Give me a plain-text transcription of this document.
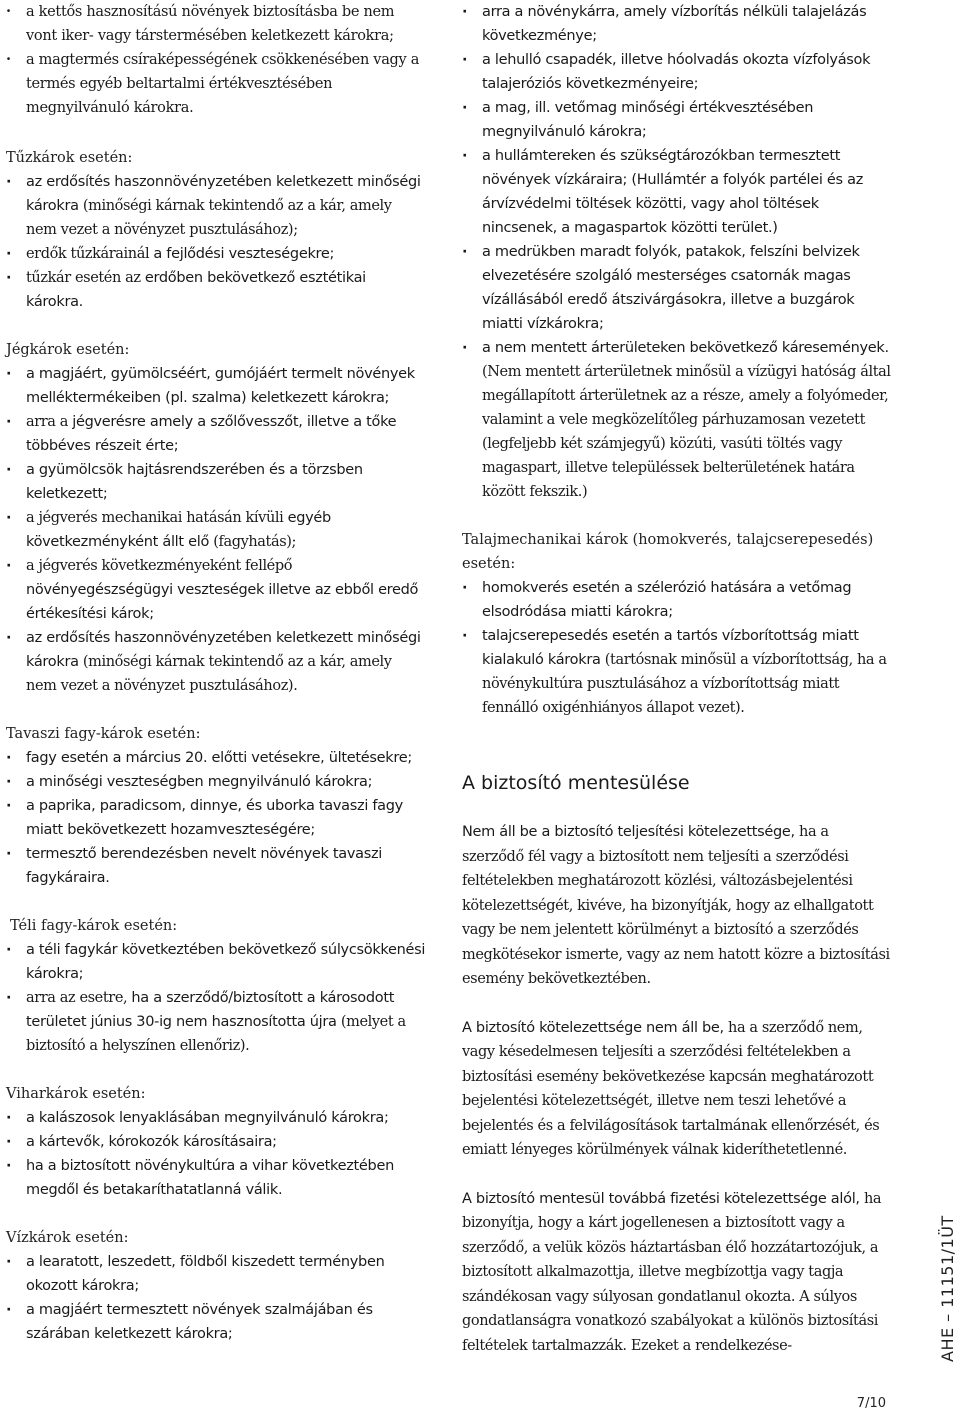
· a kettős hasznosítású növények biztosításba be nem vont iker- vagy társtermésében keletkezett károkra;
· a magtermés csíraképességének csökkenésében vagy a termés egyéb beltartalmi értékvesztésében megnyilvánuló károkra.

Tűzkárok esetén:

· az erdősítés haszonnövényzetében keletkezett minőségi károkra (minőségi kárnak tekintendő az a kár, amely nem vezet a növényzet pusztulásához);
· erdők tűzkárainál a fejlődési veszteségekre;
· tűzkár esetén az erdőben bekövetkező esztétikai károkra.

Jégkárok esetén:

· a magjáért, gyümölcséért, gumójáért termelt növények melléktermékeiben (pl. szalma) keletkezett károkra;
· arra a jégverésre amely a szőlővesszőt, illetve a tőke többéves részeit érte;
· a gyümölcsök hajtásrendszerében és a törzsben keletkezett;
· a jégverés mechanikai hatásán kívüli egyéb következményként állt elő (fagyhatás);
· a jégverés következményeként fellépő növényegészségügyi veszteségek illetve az ebből eredő értékesítési károk;
· az erdősítés haszonnövényzetében keletkezett minőségi károkra (minőségi kárnak tekintendő az a kár, amely nem vezet a növényzet pusztulásához).

Tavaszi fagy-károk esetén:

· fagy esetén a március 20. előtti vetésekre, ültetésekre;
· a minőségi veszteségben megnyilvánuló károkra;
· a paprika, paradicsom, dinnye, és uborka tavaszi fagy miatt bekövetkezett hozamveszteségére;
· termesztő berendezésben nevelt növények tavaszi fagykáraira.

Téli fagy-károk esetén:

· a téli fagykár következtében bekövetkező súlycsökkenési károkra;
· arra az esetre, ha a szerződő/biztosított a károsodott területet június 30-ig nem hasznosította újra (melyet a biztosító a helyszínen ellenőriz).

Viharkárok esetén:

· a kalászosok lenyaklásában megnyilvánuló károkra;
· a kártevők, kórokozók károsításaira;
· ha a biztosított növénykultúra a vihar következtében megdől és betakaríthatatlanná válik.

Vízkárok esetén:

· a learatott, leszedett, földből kiszedett terményben okozott károkra;
· a magjáért termesztett növények szalmájában és szárában keletkezett károkra;
· arra a növénykárra, amely vízborítás nélküli talajelázás következménye;
· a lehulló csapadék, illetve hóolvadás okozta vízfolyások talajeróziós következményeire;
· a mag, ill. vetőmag minőségi értékvesztésében megnyilvánuló károkra;
· a hullámtereken és szükségtározókban termesztett növények vízkáraira; (Hullámtér a folyók partélei és az árvízvédelmi töltések közötti, vagy ahol töltések nincsenek, a magaspartok közötti terület.)
· a medrükben maradt folyók, patakok, felszíni belvizek elvezetésére szolgáló mesterséges csatornák magas vízállásából eredő átszivárgásokra, illetve a buzgárok miatti vízkárokra;
· a nem mentett árterületeken bekövetkező káresemények. (Nem mentett árterületnek minősül a vízügyi hatóság által megállapított árterületnek az a része, amely a folyómeder, valamint a vele megközelítőleg párhuzamosan vezetett (legfeljebb két számjegyű) közúti, vasúti töltés vagy magaspart, illetve településsek belterületének határa között fekszik.)

Talajmechanikai károk (homokverés, talajcserepesedés) esetén:

· homokverés esetén a szélerózió hatására a vetőmag elsodródása miatti károkra;
· talajcserepesedés esetén a tartós vízborítottság miatt kialakuló károkra (tartósnak minősül a vízborítottság, ha a növénykultúra pusztulásához a vízborítottság miatt fennálló oxigénhiányos állapot vezet).
A biztosító mentesülése

Nem áll be a biztosító teljesítési kötelezettsége, ha a szerződő fél vagy a biztosított nem teljesíti a szerződési feltételekben meghatározott közlési, változásbejelentési kötelezettségét, kivéve, ha bizonyítják, hogy az elhallgatott vagy be nem jelentett körülményt a biztosító a szerződés megkötésekor ismerte, vagy az nem hatott közre a biztosítási esemény bekövetkeztében.

A biztosító kötelezettsége nem áll be, ha a szerződő nem, vagy késedelmesen teljesíti a szerződési feltételekben a biztosítási esemény bekövetkezése kapcsán meghatározott bejelentési kötelezettségét, illetve nem teszi lehetővé a bejelentés és a felvilágosítások tartalmának ellenőrzését, és emiatt lényeges körülmények válnak kideríthetetlenné.

A biztosító mentesül továbbá fizetési kötelezettsége alól, ha bizonyítja, hogy a kárt jogellenesen a biztosított vagy a szerződő, a velük közös háztartásban élő hozzátartozójuk, a biztosított alkalmazottja, illetve megbízottja vagy tagja szándékosan vagy súlyosan gondatlanul okozta. A súlyos gondatlanságra vonatkozó szabályokat a különös biztosítási feltételek tartalmazzák. Ezeket a rendelkezése-	AHE – 11151/1ÜT
7/10
